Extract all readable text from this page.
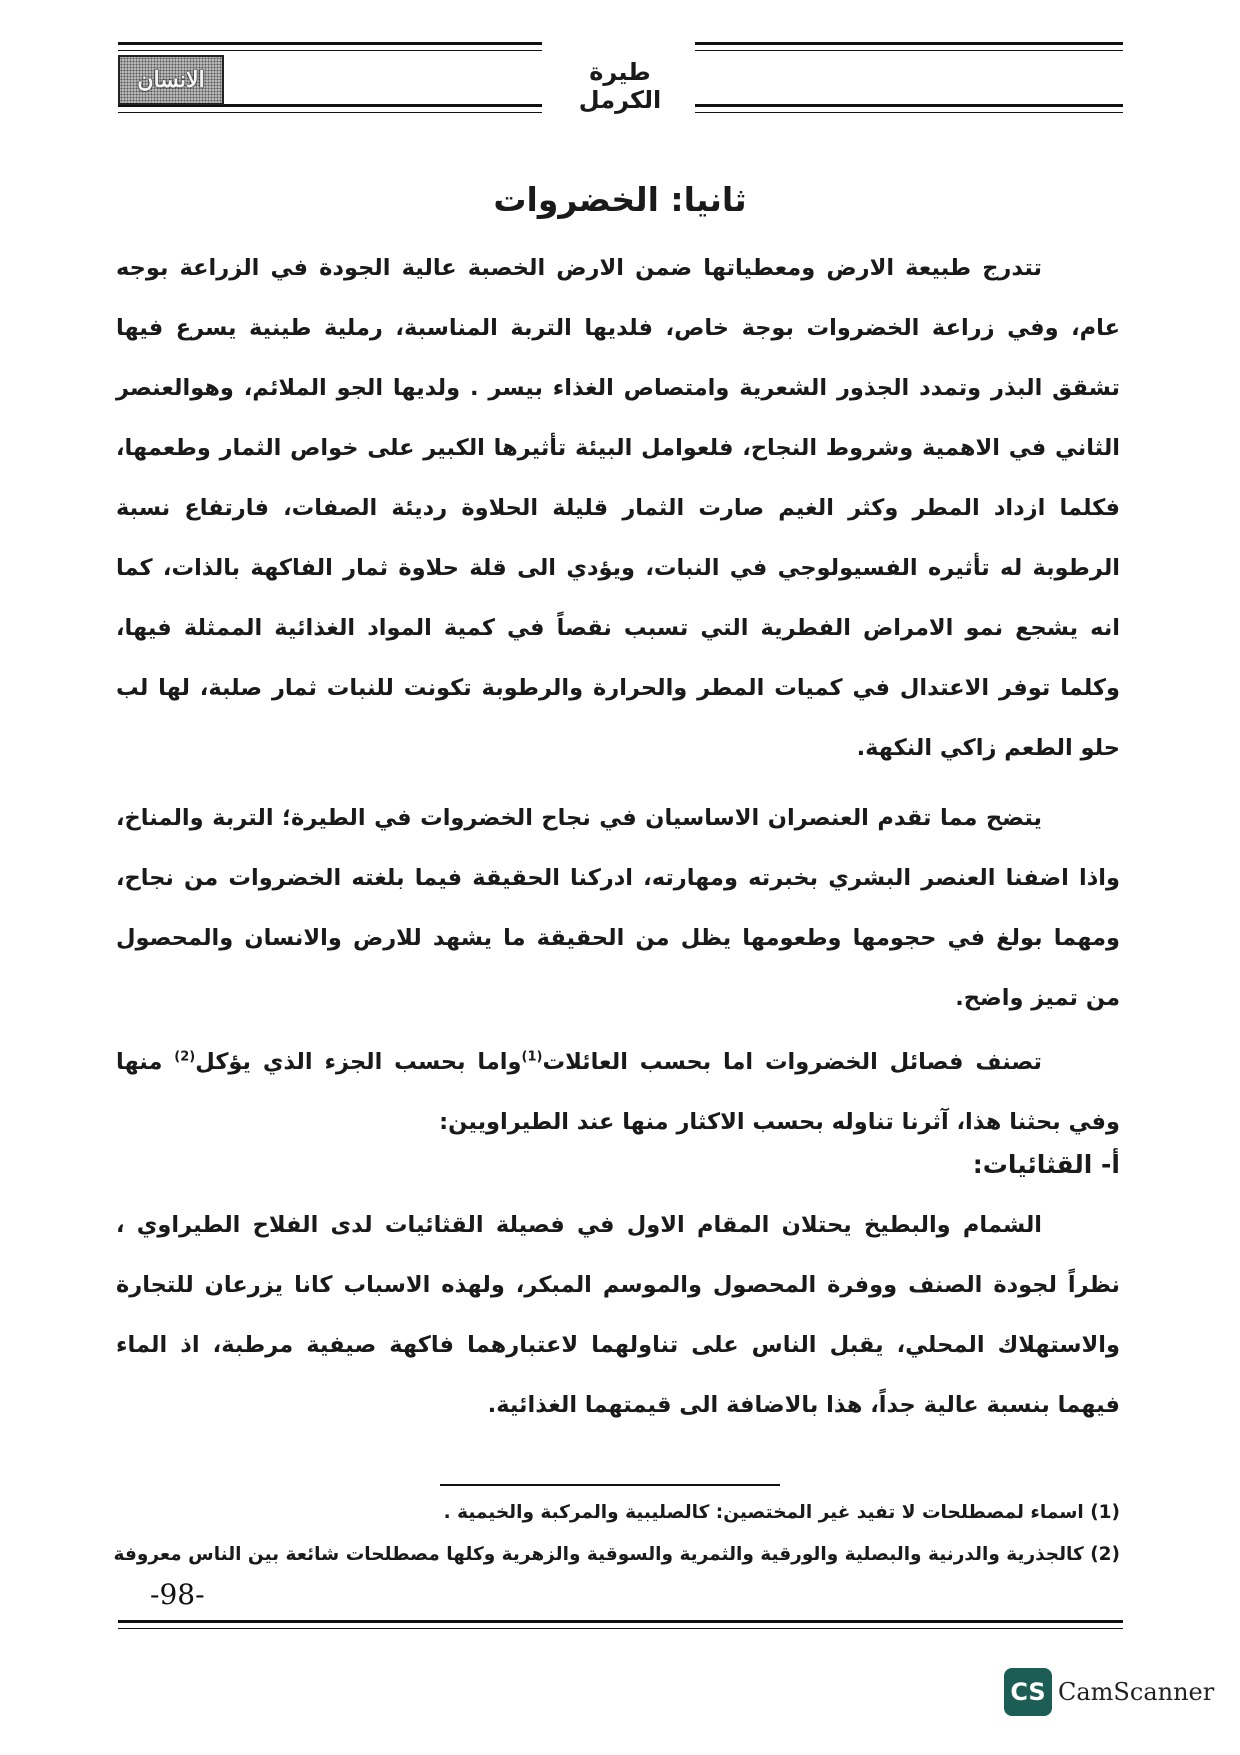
الانسان	طيرة الكرمل
ثانيا: الخضروات
تتدرج طبيعة الارض ومعطياتها ضمن الارض الخصبة عالية الجودة في الزراعة بوجه عام، وفي زراعة الخضروات بوجة خاص، فلديها التربة المناسبة، رملية طينية يسرع فيها تشقق البذر وتمدد الجذور الشعرية وامتصاص الغذاء بيسر . ولديها الجو الملائم، وهوالعنصر الثاني في الاهمية وشروط النجاح، فلعوامل البيئة تأثيرها الكبير على خواص الثمار وطعمها، فكلما ازداد المطر وكثر الغيم صارت الثمار قليلة الحلاوة رديئة الصفات، فارتفاع نسبة الرطوبة له تأثيره الفسيولوجي في النبات، ويؤدي الى قلة حلاوة ثمار الفاكهة بالذات، كما انه يشجع نمو الامراض الفطرية التي تسبب نقصاً في كمية المواد الغذائية الممثلة فيها، وكلما توفر الاعتدال في كميات المطر والحرارة والرطوبة تكونت للنبات ثمار صلبة، لها لب حلو الطعم زاكي النكهة.
يتضح مما تقدم العنصران الاساسيان في نجاح الخضروات في الطيرة؛ التربة والمناخ، واذا اضفنا العنصر البشري بخبرته ومهارته، ادركنا الحقيقة فيما بلغته الخضروات من نجاح، ومهما بولغ في حجومها وطعومها يظل من الحقيقة ما يشهد للارض والانسان والمحصول من تميز واضح.
تصنف فصائل الخضروات اما بحسب العائلات$^{(1)}$واما بحسب الجزء الذي يؤكل$^{(2)}$ منها وفي بحثنا هذا، آثرنا تناوله بحسب الاكثار منها عند الطيراويين:
أ- القثائيات:
الشمام والبطيخ يحتلان المقام الاول في فصيلة القثائيات لدى الفلاح الطيراوي ، نظراً لجودة الصنف ووفرة المحصول والموسم المبكر، ولهذه الاسباب كانا يزرعان للتجارة والاستهلاك المحلي، يقبل الناس على تناولهما لاعتبارهما فاكهة صيفية مرطبة، اذ الماء فيهما بنسبة عالية جداً، هذا بالاضافة الى قيمتهما الغذائية.
(1) اسماء لمصطلحات لا تفيد غير المختصين: كالصليبية والمركبة والخيمية .
(2) كالجذرية والدرنية والبصلية والورقية والثمرية والسوقية والزهرية وكلها مصطلحات شائعة بين الناس معروفة
-98-
CS CamScanner
